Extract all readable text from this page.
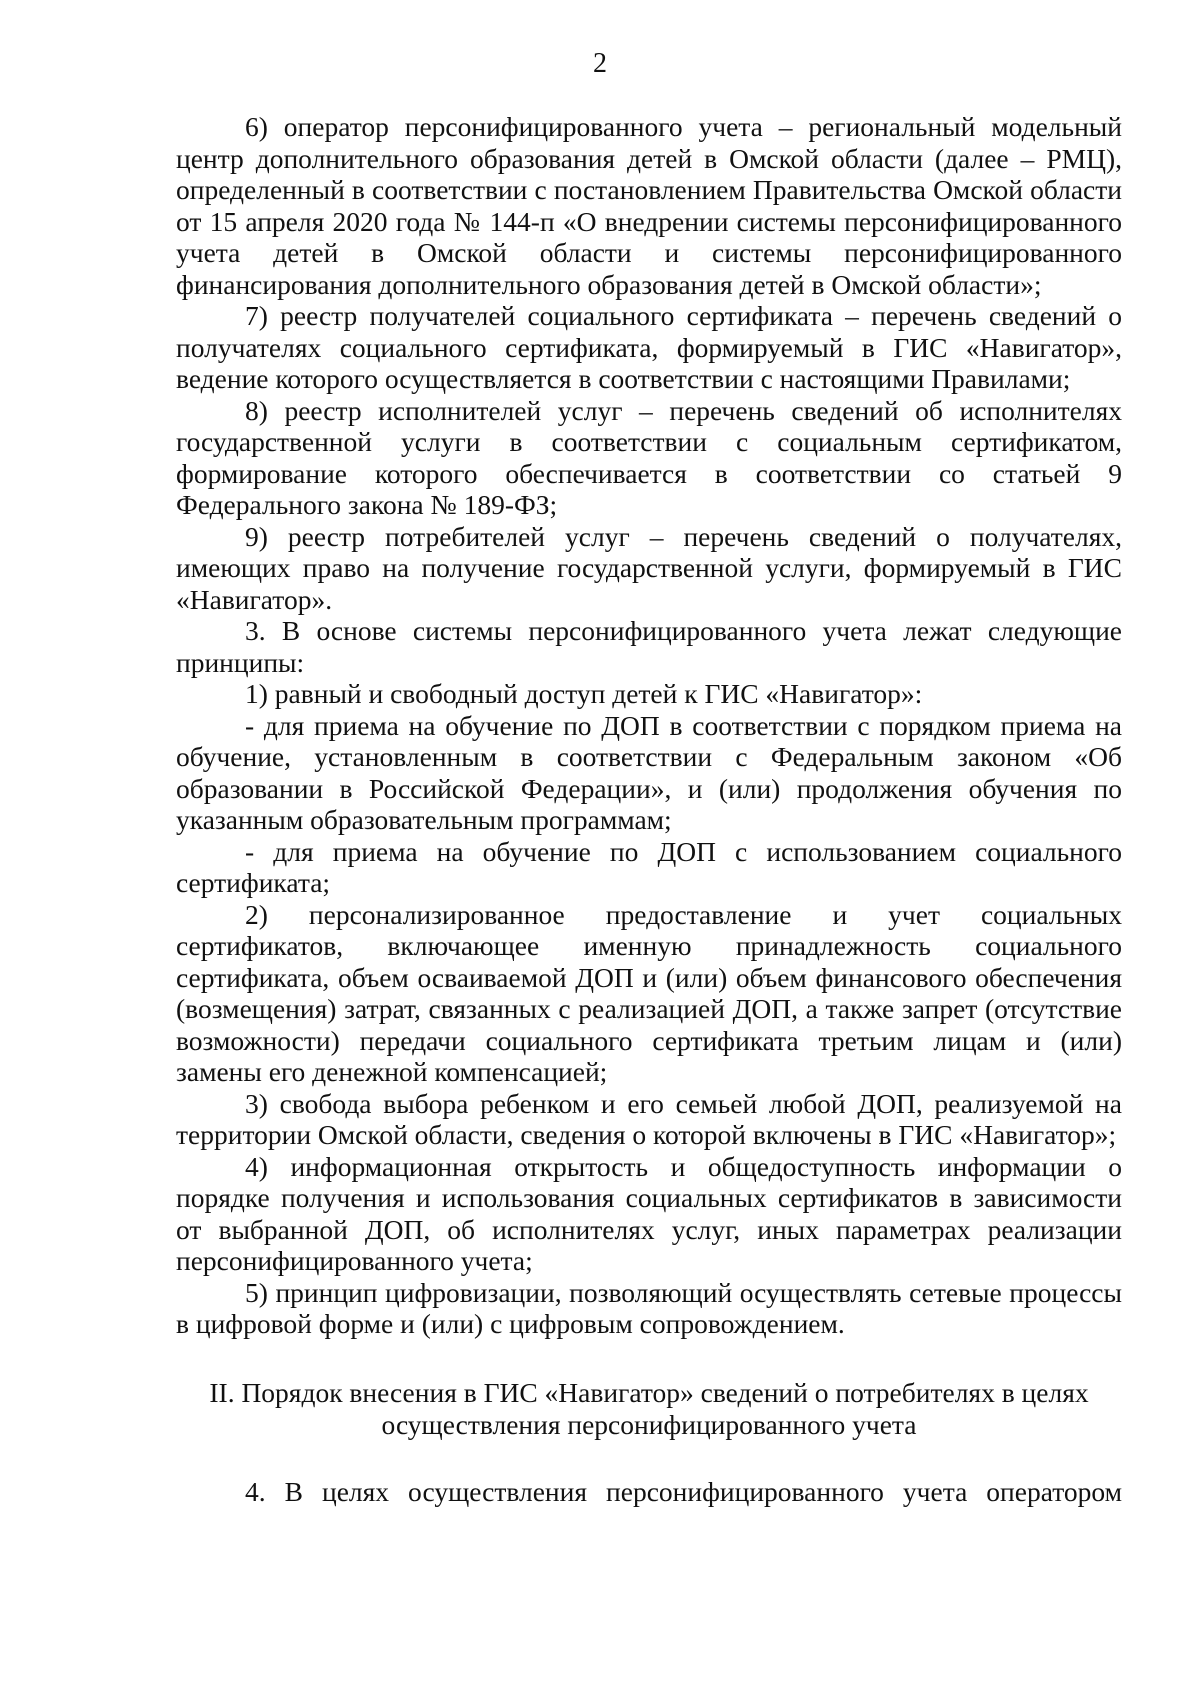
2

6) оператор персонифицированного учета – региональный модельный центр дополнительного образования детей в Омской области (далее – РМЦ), определенный в соответствии с постановлением Правительства Омской области от 15 апреля 2020 года № 144-п «О внедрении системы персонифицированного учета детей в Омской области и системы персонифицированного финансирования дополнительного образования детей в Омской области»;

7) реестр получателей социального сертификата – перечень сведений о получателях социального сертификата, формируемый в ГИС «Навигатор», ведение которого осуществляется в соответствии с настоящими Правилами;

8) реестр исполнителей услуг – перечень сведений об исполнителях государственной услуги в соответствии с социальным сертификатом, формирование которого обеспечивается в соответствии со статьей 9 Федерального закона № 189-ФЗ;

9) реестр потребителей услуг – перечень сведений о получателях, имеющих право на получение государственной услуги, формируемый в ГИС «Навигатор».

3. В основе системы персонифицированного учета лежат следующие принципы:

1) равный и свободный доступ детей к ГИС «Навигатор»:

- для приема на обучение по ДОП в соответствии с порядком приема на обучение, установленным в соответствии с Федеральным законом «Об образовании в Российской Федерации», и (или) продолжения обучения по указанным образовательным программам;

- для приема на обучение по ДОП с использованием социального сертификата;

2) персонализированное предоставление и учет социальных сертификатов, включающее именную принадлежность социального сертификата, объем осваиваемой ДОП и (или) объем финансового обеспечения (возмещения) затрат, связанных с реализацией ДОП, а также запрет (отсутствие возможности) передачи социального сертификата третьим лицам и (или) замены его денежной компенсацией;

3) свобода выбора ребенком и его семьей любой ДОП, реализуемой на территории Омской области, сведения о которой включены в ГИС «Навигатор»;

4) информационная открытость и общедоступность информации о порядке получения и использования социальных сертификатов в зависимости от выбранной ДОП, об исполнителях услуг, иных параметрах реализации персонифицированного учета;

5) принцип цифровизации, позволяющий осуществлять сетевые процессы в цифровой форме и (или) с цифровым сопровождением.

II. Порядок внесения в ГИС «Навигатор» сведений о потребителях в целях
осуществления персонифицированного учета

4. В целях осуществления персонифицированного учета оператором
